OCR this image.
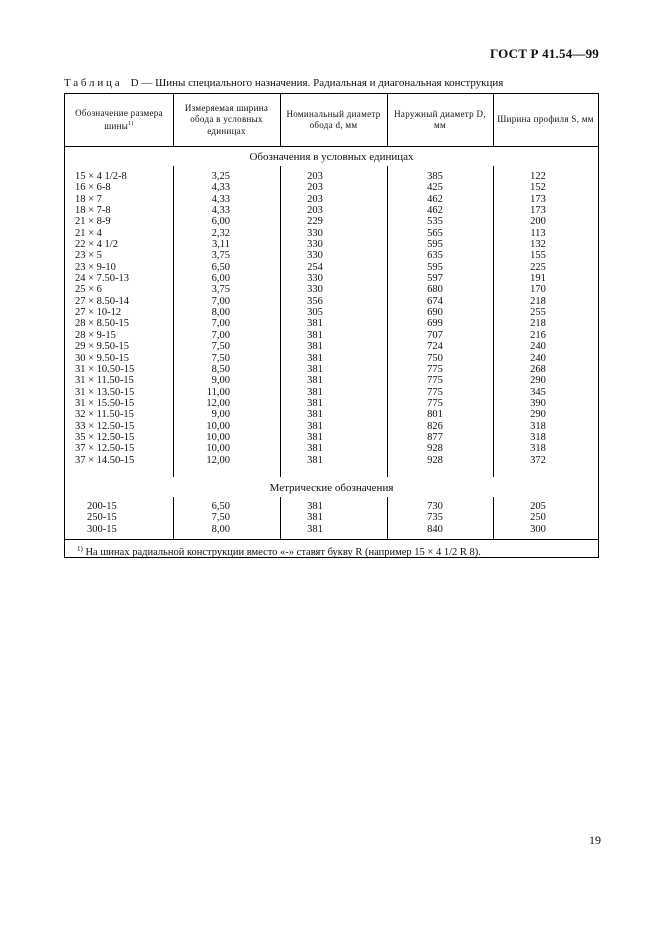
ГОСТ Р 41.54—99
Таблица D — Шины специального назначения. Радиальная и диагональная конструкция
Обозначение размера шины$^{1)}$
Измеряемая ширина обода в условных единицах
Номинальный диаметр обода d, мм
Наружный диаметр D, мм
Ширина профиля S, мм
Обозначения в условных единицах
15 × 4 1/2-8
16 × 6-8
18 × 7
18 × 7-8
21 × 8-9
21 × 4
22 × 4 1/2
23 × 5
23 × 9-10
24 × 7.50-13
25 × 6
27 × 8.50-14
27 × 10-12
28 × 8.50-15
28 × 9-15
29 × 9.50-15
30 × 9.50-15
31 × 10.50-15
31 × 11.50-15
31 × 13.50-15
31 × 15.50-15
32 × 11.50-15
33 × 12.50-15
35 × 12.50-15
37 × 12.50-15
37 × 14.50-15
3,25
4,33
4,33
4,33
6,00
2,32
3,11
3,75
6,50
6,00
3,75
7,00
8,00
7,00
7,00
7,50
7,50
8,50
9,00
11,00
12,00
9,00
10,00
10,00
10,00
12,00
203
203
203
203
229
330
330
330
254
330
330
356
305
381
381
381
381
381
381
381
381
381
381
381
381
381
385
425
462
462
535
565
595
635
595
597
680
674
690
699
707
724
750
775
775
775
775
801
826
877
928
928
122
152
173
173
200
113
132
155
225
191
170
218
255
218
216
240
240
268
290
345
390
290
318
318
318
372
Метрические обозначения
200-15
250-15
300-15
6,50
7,50
8,00
381
381
381
730
735
840
205
250
300
$^{1)}$ На шинах радиальной конструкции вместо «-» ставят букву R (например 15 × 4 1/2 R 8).
19
